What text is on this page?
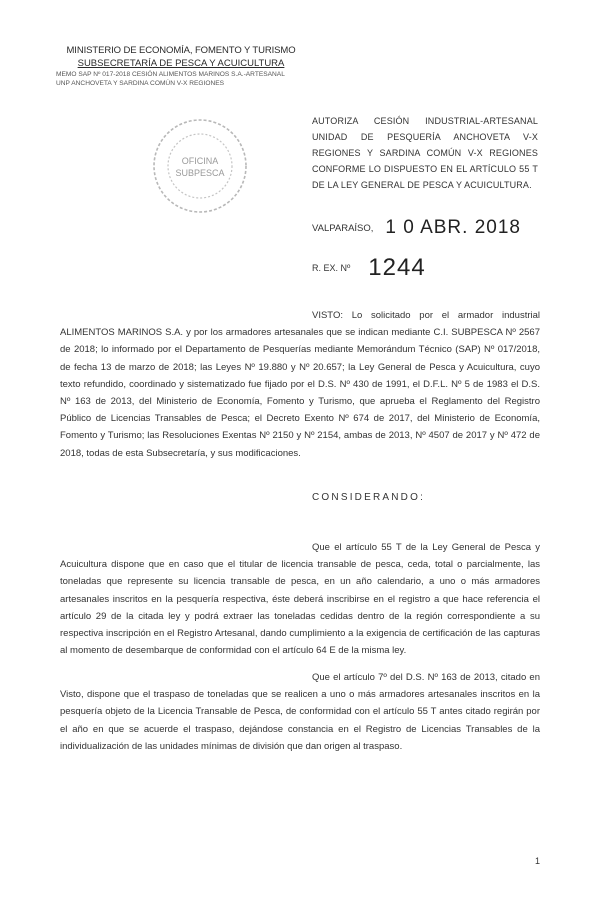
MINISTERIO DE ECONOMÍA, FOMENTO Y TURISMO
SUBSECRETARÍA DE PESCA Y ACUICULTURA
MEMO SAP Nº 017-2018 CESIÓN ALIMENTOS MARINOS S.A.-ARTESANAL
UNP ANCHOVETA Y SARDINA COMÚN V-X REGIONES
OFICINA
SUBPESCA
AUTORIZA CESIÓN INDUSTRIAL-ARTESANAL UNIDAD DE PESQUERÍA ANCHOVETA V-X REGIONES Y SARDINA COMÚN V-X REGIONES CONFORME LO DISPUESTO EN EL ARTÍCULO 55 T DE LA LEY GENERAL DE PESCA Y ACUICULTURA.
VALPARAÍSO, 1 0 ABR. 2018
R. EX. Nº 1244
VISTO: Lo solicitado por el armador industrial ALIMENTOS MARINOS S.A. y por los armadores artesanales que se indican mediante C.I. SUBPESCA Nº 2567 de 2018; lo informado por el Departamento de Pesquerías mediante Memorándum Técnico (SAP) Nº 017/2018, de fecha 13 de marzo de 2018; las Leyes Nº 19.880 y Nº 20.657; la Ley General de Pesca y Acuicultura, cuyo texto refundido, coordinado y sistematizado fue fijado por el D.S. Nº 430 de 1991, el D.F.L. Nº 5 de 1983 el D.S. Nº 163 de 2013, del Ministerio de Economía, Fomento y Turismo, que aprueba el Reglamento del Registro Público de Licencias Transables de Pesca; el Decreto Exento Nº 674 de 2017, del Ministerio de Economía, Fomento y Turismo; las Resoluciones Exentas Nº 2150 y Nº 2154, ambas de 2013, Nº 4507 de 2017 y Nº 472 de 2018, todas de esta Subsecretaría, y sus modificaciones.
CONSIDERANDO:
Que el artículo 55 T de la Ley General de Pesca y Acuicultura dispone que en caso que el titular de licencia transable de pesca, ceda, total o parcialmente, las toneladas que represente su licencia transable de pesca, en un año calendario, a uno o más armadores artesanales inscritos en la pesquería respectiva, éste deberá inscribirse en el registro a que hace referencia el artículo 29 de la citada ley y podrá extraer las toneladas cedidas dentro de la región correspondiente a su respectiva inscripción en el Registro Artesanal, dando cumplimiento a la exigencia de certificación de las capturas al momento de desembarque de conformidad con el artículo 64 E de la misma ley.
Que el artículo 7º del D.S. Nº 163 de 2013, citado en Visto, dispone que el traspaso de toneladas que se realicen a uno o más armadores artesanales inscritos en la pesquería objeto de la Licencia Transable de Pesca, de conformidad con el artículo 55 T antes citado regirán por el año en que se acuerde el traspaso, dejándose constancia en el Registro de Licencias Transables de la individualización de las unidades mínimas de división que dan origen al traspaso.
1
